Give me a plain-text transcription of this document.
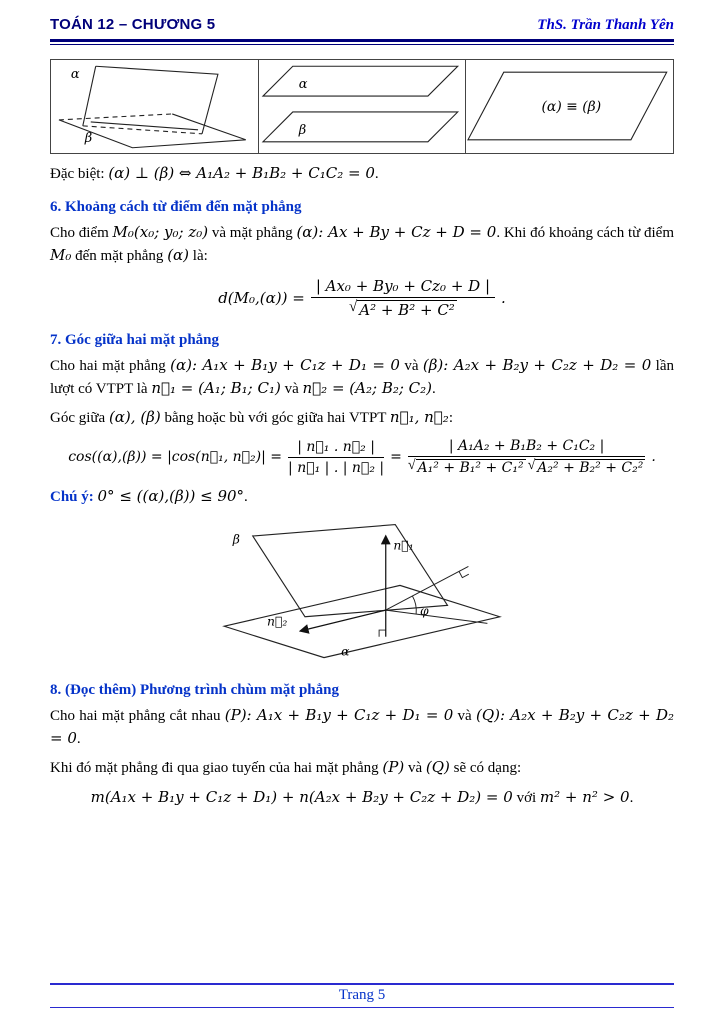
TOÁN 12 – CHƯƠNG 5	ThS. Trần Thanh Yên
α
β
α
β
(α) ≡ (β)

Đặc biệt: (α) ⊥ (β) ⇔ A₁A₂ + B₁B₂ + C₁C₂ = 0.

6. Khoảng cách từ điểm đến mặt phẳng

Cho điểm M₀(x₀; y₀; z₀) và mặt phẳng (α): Ax + By + Cz + D = 0. Khi đó khoảng cách từ điểm M₀ đến mặt phẳng (α) là:

$d(M_0,(\alpha)) = \frac{\text{| Ax₀ + By₀ + Cz₀ + D |}}{\text{√ A² + B² + C²}}$ .
7. Góc giữa hai mặt phẳng

Cho hai mặt phẳng (α): A₁x + B₁y + C₁z + D₁ = 0 và (β): A₂x + B₂y + C₂z + D₂ = 0 lần lượt có VTPT là n⃗₁ = (A₁; B₁; C₁) và n⃗₂ = (A₂; B₂; C₂).

Góc giữa (α), (β) bằng hoặc bù với góc giữa hai VTPT n⃗₁, n⃗₂:

cos((α),(β)) = |cos(n⃗₁, n⃗₂)| = $\frac{\text{| n⃗₁ . n⃗₂ |}}{\text{| n⃗₁ | . | n⃗₂ |}}$ =
| A₁A₂ + B₁B₂ + C₁C₂ |
√ A₁² + B₁² + C₁² √ A₂² + B₂² + C₂²
.

Chú ý: 0° ≤ ((α),(β)) ≤ 90°.

β
α
n⃗₁
n⃗₂
φ
8. (Đọc thêm) Phương trình chùm mặt phẳng

Cho hai mặt phẳng cắt nhau (P): A₁x + B₁y + C₁z + D₁ = 0 và (Q): A₂x + B₂y + C₂z + D₂ = 0.

Khi đó mặt phẳng đi qua giao tuyến của hai mặt phẳng (P) và (Q) sẽ có dạng:

m(A₁x + B₁y + C₁z + D₁) + n(A₂x + B₂y + C₂z + D₂) = 0 với m² + n² > 0.

Trang 5
